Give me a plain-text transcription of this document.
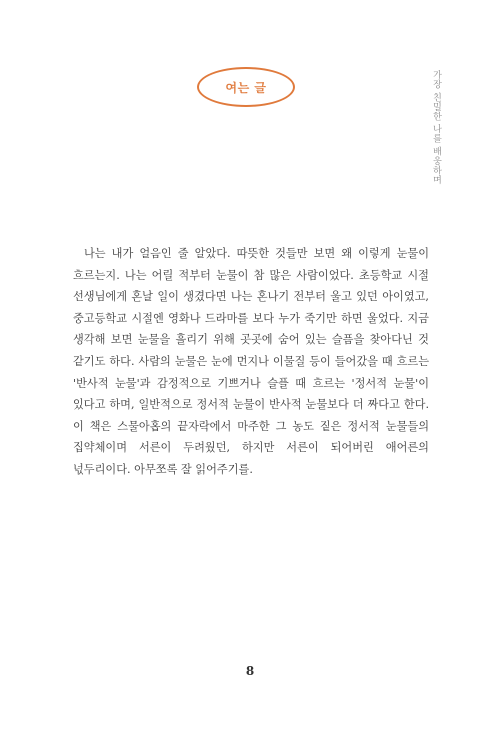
여는 글	가장 친밀한 나를 배웅하며

나는 내가 얼음인 줄 알았다. 따뜻한 것들만 보면 왜 이렇게 눈물이 흐르는지. 나는 어릴 적부터 눈물이 참 많은 사람이었다. 초등학교 시절 선생님에게 혼날 일이 생겼다면 나는 혼나기 전부터 울고 있던 아이였고, 중고등학교 시절엔 영화나 드라마를 보다 누가 죽기만 하면 울었다. 지금 생각해 보면 눈물을 흘리기 위해 곳곳에 숨어 있는 슬픔을 찾아다닌 것 같기도 하다. 사람의 눈물은 눈에 먼지나 이물질 등이 들어갔을 때 흐르는 '반사적 눈물'과 감정적으로 기쁘거나 슬플 때 흐르는 '정서적 눈물'이 있다고 하며, 일반적으로 정서적 눈물이 반사적 눈물보다 더 짜다고 한다. 이 책은 스물아홉의 끝자락에서 마주한 그 농도 짙은 정서적 눈물들의 집약체이며 서른이 두려웠던, 하지만 서른이 되어버린 애어른의 넋두리이다. 아무쪼록 잘 읽어주기를.

8
